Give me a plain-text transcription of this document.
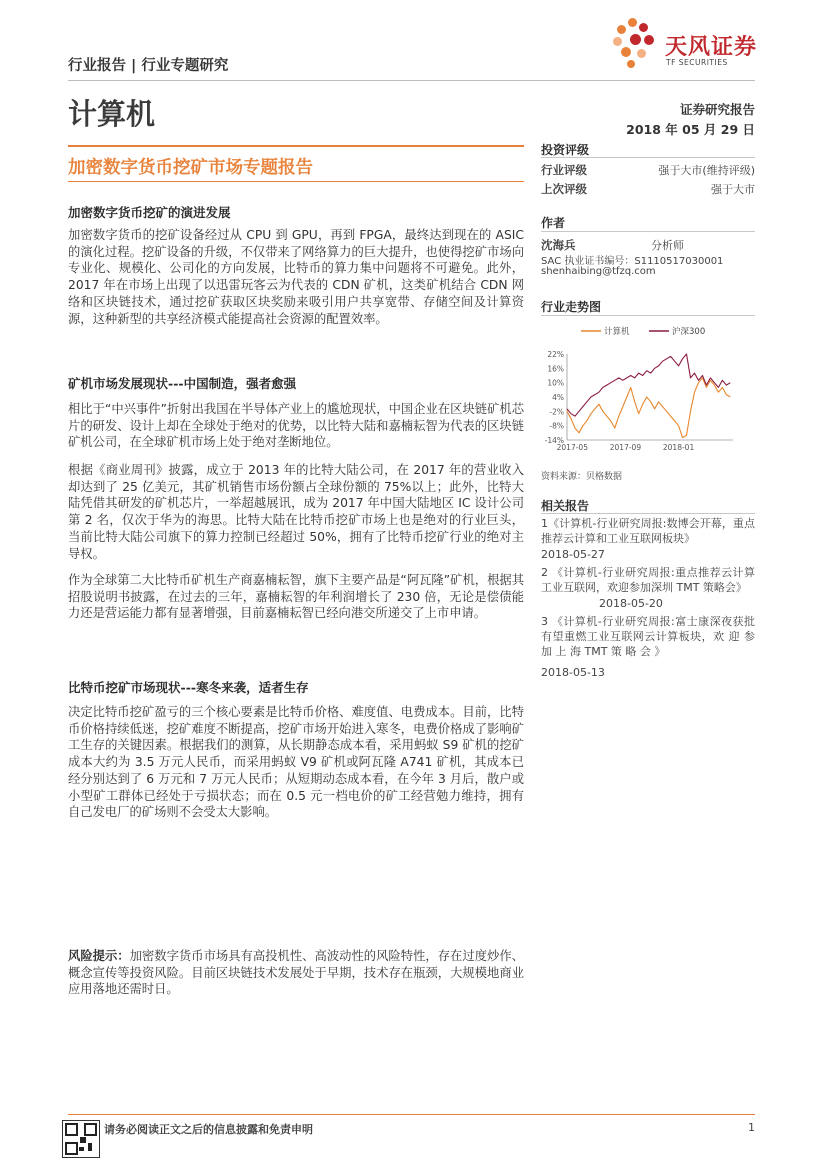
行业报告 | 行业专题研究
天风证券
TF SECURITIES
计算机	证券研究报告
2018 年 05 月 29 日
加密数字货币挖矿市场专题报告
加密数字货币挖矿的演进发展
加密数字货币的挖矿设备经过从 CPU 到 GPU，再到 FPGA，最终达到现在的 ASIC 的演化过程。挖矿设备的升级，不仅带来了网络算力的巨大提升，也使得挖矿市场向专业化、规模化、公司化的方向发展，比特币的算力集中问题将不可避免。此外，2017 年在市场上出现了以迅雷玩客云为代表的 CDN 矿机，这类矿机结合 CDN 网络和区块链技术，通过挖矿获取区块奖励来吸引用户共享宽带、存储空间及计算资源，这种新型的共享经济模式能提高社会资源的配置效率。
矿机市场发展现状---中国制造，强者愈强
相比于“中兴事件”折射出我国在半导体产业上的尴尬现状，中国企业在区块链矿机芯片的研发、设计上却在全球处于绝对的优势，以比特大陆和嘉楠耘智为代表的区块链矿机公司，在全球矿机市场上处于绝对垄断地位。
根据《商业周刊》披露，成立于 2013 年的比特大陆公司，在 2017 年的营业收入却达到了 25 亿美元，其矿机销售市场份额占全球份额的 75%以上；此外，比特大陆凭借其研发的矿机芯片，一举超越展讯，成为 2017 年中国大陆地区 IC 设计公司第 2 名，仅次于华为的海思。比特大陆在比特币挖矿市场上也是绝对的行业巨头，当前比特大陆公司旗下的算力控制已经超过 50%，拥有了比特币挖矿行业的绝对主导权。
作为全球第二大比特币矿机生产商嘉楠耘智，旗下主要产品是“阿瓦隆”矿机，根据其招股说明书披露，在过去的三年，嘉楠耘智的年利润增长了 230 倍，无论是偿债能力还是营运能力都有显著增强，目前嘉楠耘智已经向港交所递交了上市申请。
比特币挖矿市场现状---寒冬来袭，适者生存
决定比特币挖矿盈亏的三个核心要素是比特币价格、难度值、电费成本。目前，比特币价格持续低迷，挖矿难度不断提高，挖矿市场开始进入寒冬，电费价格成了影响矿工生存的关键因素。根据我们的测算，从长期静态成本看，采用蚂蚁 S9 矿机的挖矿成本大约为 3.5 万元人民币，而采用蚂蚁 V9 矿机或阿瓦隆 A741 矿机，其成本已经分别达到了 6 万元和 7 万元人民币；从短期动态成本看，在今年 3 月后，散户或小型矿工群体已经处于亏损状态；而在 0.5 元一档电价的矿工经营勉力维持，拥有自己发电厂的矿场则不会受太大影响。
风险提示：加密数字货币市场具有高投机性、高波动性的风险特性，存在过度炒作、概念宣传等投资风险。目前区块链技术发展处于早期，技术存在瓶颈，大规模地商业应用落地还需时日。
投资评级
行业评级	强于大市(维持评级)
上次评级	强于大市
作者
沈海兵	分析师
SAC 执业证书编号：S1110517030001
shenhaibing@tfzq.com
行业走势图
22%
16%
10%
4%
-2%
-8%
-14%
2017-05	2017-09	2018-01
计算机	沪深300
资料来源：贝格数据
相关报告
1《计算机-行业研究周报:数博会开幕，重点推荐云计算和工业互联网板块》
2018-05-27
2 《计算机-行业研究周报:重点推荐云计算工业互联网，欢迎参加深圳 TMT 策略会》
2018-05-20
3 《计算机-行业研究周报:富士康深夜获批有望重燃工业互联网云计算板块，欢 迎 参 加 上 海 TMT 策 略 会 》
2018-05-13
请务必阅读正文之后的信息披露和免责申明	1
